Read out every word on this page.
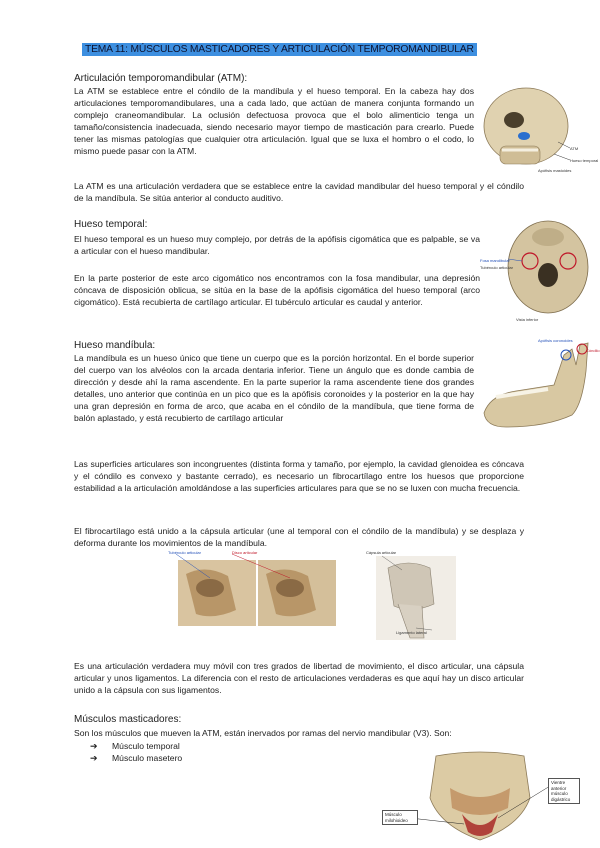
TEMA 11: MÚSCULOS MASTICADORES Y ARTICULACIÓN TEMPOROMANDIBULAR
Articulación temporomandibular (ATM):
La ATM se establece entre el cóndilo de la mandíbula y el hueso temporal. En la cabeza hay dos articulaciones temporomandibulares, una a cada lado, que actúan de manera conjunta formando un complejo craneomandibular. La oclusión defectuosa provoca que el bolo alimenticio tenga un tamaño/consistencia inadecuada, siendo necesario mayor tiempo de masticación para crearlo. Puede tener las mismas patologías que cualquier otra articulación. Igual que se luxa el hombro o el codo, lo mismo puede pasar con la ATM.	ATM
Hueso temporal
Apófisis mastoides
La ATM es una articulación verdadera que se establece entre la cavidad mandibular del hueso temporal y el cóndilo de la mandíbula. Se sitúa anterior al conducto auditivo.
Hueso temporal:
El hueso temporal es un hueso muy complejo, por detrás de la apófisis cigomática que es palpable, se va a articular con el hueso mandibular.
Fosa mandibular
Tubérculo articular
Vista inferior
En la parte posterior de este arco cigomático nos encontramos con la fosa mandibular, una depresión cóncava de disposición oblicua, se sitúa en la base de la apófisis cigomática del hueso temporal (arco cigomático). Está recubierta de cartílago articular. El tubérculo articular es caudal y anterior.
Hueso mandíbula:
La mandíbula es un hueso único que tiene un cuerpo que es la porción horizontal. En el borde superior del cuerpo van los alvéolos con la arcada dentaria inferior. Tiene un ángulo que es donde cambia de dirección y desde ahí la rama ascendente. En la parte superior la rama ascendente tiene dos grandes detalles, uno anterior que continúa en un pico que es la apófisis coronoides y la posterior en la que hay una gran depresión en forma de arco, que acaba en el cóndilo de la mandíbula, que tiene forma de balón aplastado, y está recubierto de cartílago articular
Apófisis coronoides
Cóndilo
Las superficies articulares son incongruentes (distinta forma y tamaño, por ejemplo, la cavidad glenoidea es cóncava y el cóndilo es convexo y bastante cerrado), es necesario un fibrocartílago entre los huesos que proporcione estabilidad a la articulación amoldándose a las superficies articulares para que se no se luxen con mucha frecuencia.
El fibrocartílago está unido a la cápsula articular (une al temporal con el cóndilo de la mandíbula) y se desplaza y deforma durante los movimientos de la mandíbula.
Tubérculo articular	Disco articular	Cápsula articular
Ligamento lateral
Es una articulación verdadera muy móvil con tres grados de libertad de movimiento, el disco articular, una cápsula articular y unos ligamentos. La diferencia con el resto de articulaciones verdaderas es que aquí hay un disco articular unido a la cápsula con sus ligamentos.
Músculos masticadores:
Son los músculos que mueven la ATM, están inervados por ramas del nervio mandibular (V3). Son:
➔	Músculo temporal
➔	Músculo masetero
Músculo milohioideo
Vientre anterior músculo digástrico
